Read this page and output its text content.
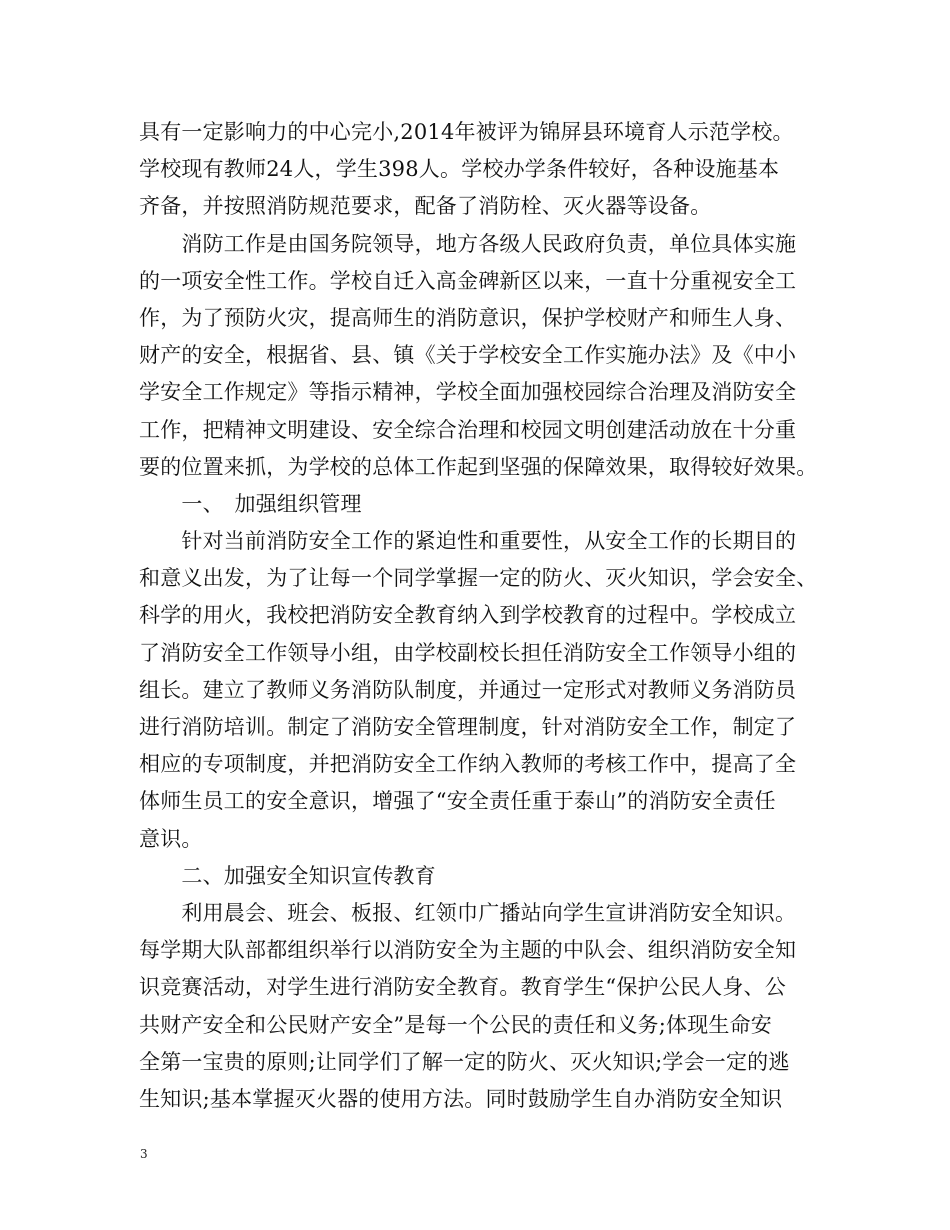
具有一定影响力的中心完小,2014年被评为锦屏县环境育人示范学校。
学校现有教师24人，学生398人。学校办学条件较好，各种设施基本
齐备，并按照消防规范要求，配备了消防栓、灭火器等设备。
　　消防工作是由国务院领导，地方各级人民政府负责，单位具体实施
的一项安全性工作。学校自迁入高金碑新区以来，一直十分重视安全工
作，为了预防火灾，提高师生的消防意识，保护学校财产和师生人身、
财产的安全，根据省、县、镇《关于学校安全工作实施办法》及《中小
学安全工作规定》等指示精神，学校全面加强校园综合治理及消防安全
工作，把精神文明建设、安全综合治理和校园文明创建活动放在十分重
要的位置来抓，为学校的总体工作起到坚强的保障效果，取得较好效果。
　　一、　加强组织管理
　　针对当前消防安全工作的紧迫性和重要性，从安全工作的长期目的
和意义出发，为了让每一个同学掌握一定的防火、灭火知识，学会安全、
科学的用火，我校把消防安全教育纳入到学校教育的过程中。学校成立
了消防安全工作领导小组，由学校副校长担任消防安全工作领导小组的
组长。建立了教师义务消防队制度，并通过一定形式对教师义务消防员
进行消防培训。制定了消防安全管理制度，针对消防安全工作，制定了
相应的专项制度，并把消防安全工作纳入教师的考核工作中，提高了全
体师生员工的安全意识，增强了“安全责任重于泰山”的消防安全责任
意识。
　　二、加强安全知识宣传教育
　　利用晨会、班会、板报、红领巾广播站向学生宣讲消防安全知识。
每学期大队部都组织举行以消防安全为主题的中队会、组织消防安全知
识竞赛活动，对学生进行消防安全教育。教育学生“保护公民人身、公
共财产安全和公民财产安全”是每一个公民的责任和义务;体现生命安
全第一宝贵的原则;让同学们了解一定的防火、灭火知识;学会一定的逃
生知识;基本掌握灭火器的使用方法。同时鼓励学生自办消防安全知识
3
